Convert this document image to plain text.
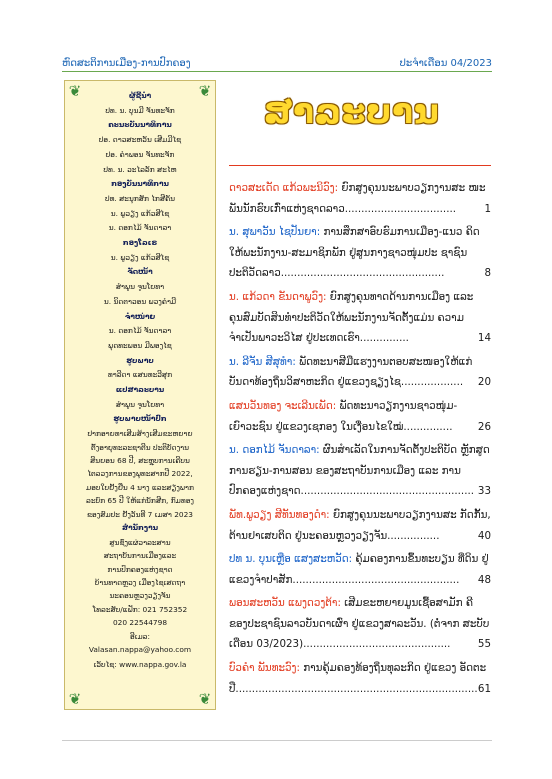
ຫົດສະຕິການເມືອງ-ການປົກຄອງ	ປະຈຳເດືອນ 04/2023
❦	❦
❦	❦
ຜູ້ຊີ້ນຳ
ປທ. ນ. ບຸນມີ ຈັນທະຈັກ
ຄະນະບັນນາທິການ
ປອ. ດາວສະຫວັນ ເສີມມີໄຊ
ປອ. ຄຳພອນ ຈັນທະຈັກ
ປທ. ນ. ວະໄລລັກ ສະໄຫ
ກອງບັນນາທິການ
ປທ. ສະນຸກສັກ ໄກສີຄັນ
ນ. ພູວຽງ ແກ້ວສີໄຊ
ນ. ດອກໄມ້ ຈັນດາລາ
ກອງໂລເຣ
ນ. ພູວຽງ ແກ້ວສີໄຊ
ຈັດໜ້າ
ສຳພູນ ຈູນໂຍທາ
ນ. ນິດຕາວອນ ພວງຄຳມີ
ຈຳໜ່າຍ
ນ. ດອກໄມ້ ຈັນດາລາ
ພຸດທະພອນ ມີພອງໄຊ
ຮູບພາບ
ທາລີດາ ແສນທະວີສຸກ
ແປສາລະບານ
ສຳພູນ ຈູນໂຍທາ
ຮູບພາບໜ້າປົກ
ປາກອາຍທາເສີມສ້າງເສີມຂະຫຍາຍ
ຕົ້ງອາຍຸທະລະຊາຕີນ ປະຕິບັດງານ
ສິນຍອນ 68 ປີ, ສະຫຼຸບການເຄີບນ
ໄຕລວງການຂອງພຸທະສາກປີ 2022,
ມອບໃບຢັ້ງຢືນ 4 ນາງ ແລະສຽງພາກ
ລະບົກ 65 ປີ ໃຫ້ແກ່ນັກສີກ, ກົມທອງ
ຂອງສົມປະ ຢັ້ງວັນທີ 7 ເມສາ 2023
ສຳນັກງານ
ສູນຊົ່ງແຜ່ວາລະສານ
ສະຖາບັນການເມືອງແລະ
ການປົກຄອງແຫ່ງຊາດ
ບ້ານທາດຫຼວງ ເມືອງໄຊເສດຖາ
ນະຄອນຫຼວງວຽງຈັນ
ໂທລະສັບ/ແຟັກ: 021 752352
020 22544798
ອີເມລ:
Valasan.nappa@yahoo.com
ເວັບໄຊ: www.nappa.gov.la
ສາລະບານ
ດາວສະເດັດ ແກ້ວພະນິວົງ: ຍົກສູງຄຸນນະພາບວຽກງານສະ ໜະພັນນັກຮົບເກົ່າແຫ່ງຊາດລາວ..................................	1
ນ. ສຸພາວັນ ໄຊປັນຍາ: ການສຶກສາອົບຮົມການເມືອງ-ແນວ ຄິດໃຫ້ພະນັກງານ-ສະມາຊິກພັກ ຢູ່ສູນກາງຊາວໜຸ່ມປະ ຊາຊົນ ປະຕິວັດລາວ..................................................	8
ນ. ແກ້ວດາ ຂັນດາພູວົງ: ຍົກສູງຄຸນທາດດ້ານການເມືອງ ແລະຄຸນສົມບັດສິນທຳປະຕິວັດໃຫ້ພະນັກງານຈັດຕັ້ງແມ່ນ ຄວາມຈຳເປັນພາວະວິໄສ ຢູ່ປະເທດເຮົາ...............	14
ນ. ລີຈັນ ສີສຸທຳ: ພັດທະນາສີມືແຮງງານຕອບສະໜອງໃຫ້ແກ່ ບັນດາທ້ອງຖິ່ນວິສາຫະກິດ ຢູ່ແຂວງຊຽງໄຊ................... 20
ແສນວັນທອງ ຈະເລີນເພັດ: ພັດທະນາວຽກງານຊາວໜຸ່ມ- ເຍົາວະຊົນ ຢູ່ແຂວງເຊກອງ ໃນເງື່ອນໄຂໃໝ່............... 26
ນ. ດອກໄມ້ ຈັນດາລາ: ຜົນສຳເລັດໃນການຈັດຕັ້ງປະຕິບັດ ຫຼັກສູດການຮຽນ-ການສອນ ຂອງສະຖາບັນການເມືອງ ແລະ ການປົກຄອງແຫ່ງຊາດ..................................................... 33
ພັທ.ພູວຽງ ສີທັນທອງດຳ: ຍົກສູງຄຸນນະພາບວຽກງານສະ ກັດກັ້ນ, ຕ້ານຢາເສບຕິດ ຢູ່ນະຄອນຫຼວງວຽງຈັນ................	40
ປທ ນ. ບຸນເຫຼືອ ແສງສະຫວັດ: ຄຸ້ມຄອງການຂຶ້ນທະບຽນ ທີ່ດິນ ຢູ່ແຂວງຈຳປາສັກ................................................... 48
ພອນສະຫວັນ ແພງດວງຕ້າ: ເສີມຂະຫຍາຍມູນເຊື້ອສາມັກ ຄີຂອງປະຊາຊົນລາວບັນດາເຜົ່າ ຢູ່ແຂວງສາລະວັນ. (ຕໍ່ຈາກ ສະບັບເດືອນ 03/2023).............................................	55
ບົວຄຳ ພັນທະວົງ: ການຄຸ້ມຄອງທ້ອງຖິ່ນທຸລະກິດ ຢູ່ແຂວງ ອັດຕະປື.......................................................................... 61
